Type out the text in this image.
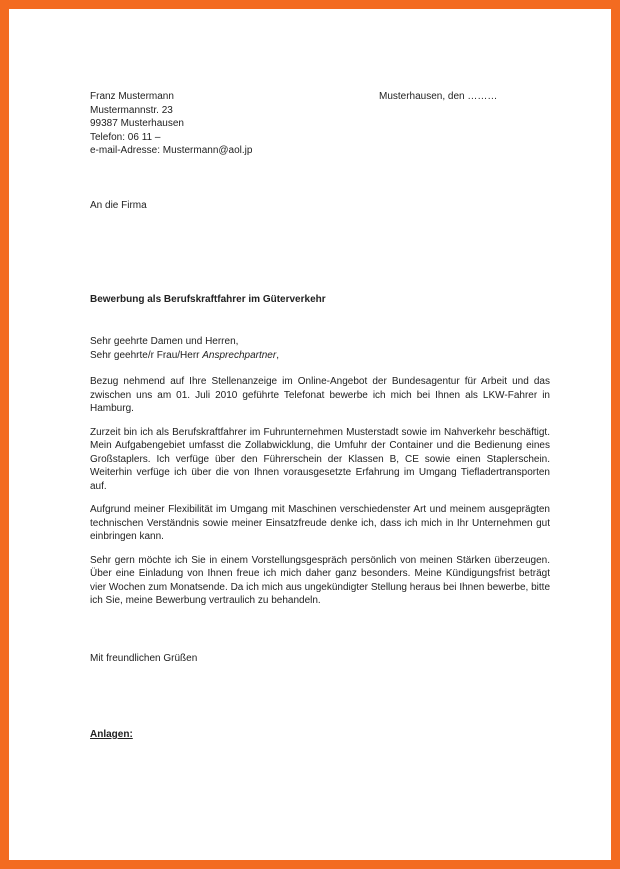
Franz Mustermann
Mustermannstr. 23
99387 Musterhausen
Telefon: 06 11 –
e-mail-Adresse: Mustermann@aol.jp
Musterhausen, den ………
An die Firma
Bewerbung als Berufskraftfahrer im Güterverkehr
Sehr geehrte Damen und Herren,
Sehr geehrte/r Frau/Herr Ansprechpartner,

Bezug nehmend auf Ihre Stellenanzeige im Online-Angebot der Bundesagentur für Arbeit und das zwischen uns am 01. Juli 2010 geführte Telefonat bewerbe ich mich bei Ihnen als LKW-Fahrer in Hamburg.

Zurzeit bin ich als Berufskraftfahrer im Fuhrunternehmen Musterstadt sowie im Nahverkehr beschäftigt. Mein Aufgabengebiet umfasst die Zollabwicklung, die Umfuhr der Container und die Bedienung eines Großstaplers. Ich verfüge über den Führerschein der Klassen B, CE sowie einen Staplerschein. Weiterhin verfüge ich über die von Ihnen vorausgesetzte Erfahrung im Umgang Tiefladertransporten auf.

Aufgrund meiner Flexibilität im Umgang mit Maschinen verschiedenster Art und meinem ausgeprägten technischen Verständnis sowie meiner Einsatzfreude denke ich, dass ich mich in Ihr Unternehmen gut einbringen kann.

Sehr gern möchte ich Sie in einem Vorstellungsgespräch persönlich von meinen Stärken überzeugen. Über eine Einladung von Ihnen freue ich mich daher ganz besonders. Meine Kündigungsfrist beträgt vier Wochen zum Monatsende. Da ich mich aus ungekündigter Stellung heraus bei Ihnen bewerbe, bitte ich Sie, meine Bewerbung vertraulich zu behandeln.

Mit freundlichen Grüßen
Anlagen:
